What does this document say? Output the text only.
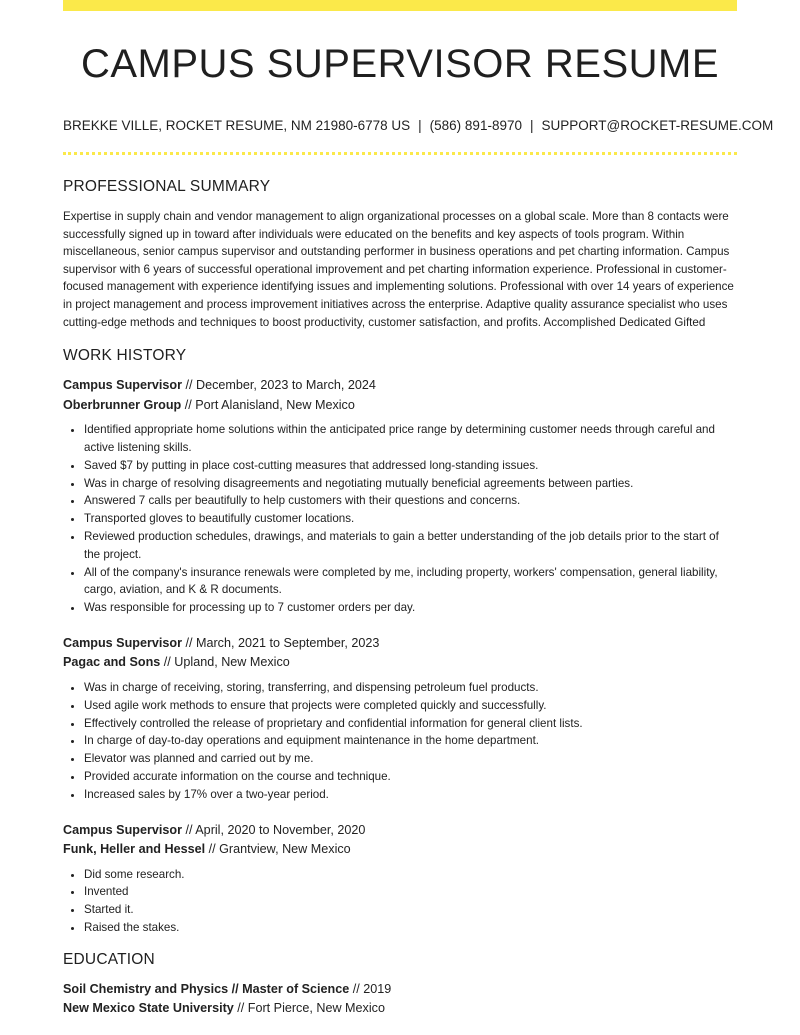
CAMPUS SUPERVISOR RESUME
BREKKE VILLE, ROCKET RESUME, NM 21980-6778 US | (586) 891-8970 | SUPPORT@ROCKET-RESUME.COM
PROFESSIONAL SUMMARY

Expertise in supply chain and vendor management to align organizational processes on a global scale. More than 8 contacts were successfully signed up in toward after individuals were educated on the benefits and key aspects of tools program. Within miscellaneous, senior campus supervisor and outstanding performer in business operations and pet charting information. Campus supervisor with 6 years of successful operational improvement and pet charting information experience. Professional in customer-focused management with experience identifying issues and implementing solutions. Professional with over 14 years of experience in project management and process improvement initiatives across the enterprise. Adaptive quality assurance specialist who uses cutting-edge methods and techniques to boost productivity, customer satisfaction, and profits. Accomplished Dedicated Gifted

WORK HISTORY
Campus Supervisor // December, 2023 to March, 2024
Oberbrunner Group // Port Alanisland, New Mexico
• Identified appropriate home solutions within the anticipated price range by determining customer needs through careful and active listening skills.
• Saved $7 by putting in place cost-cutting measures that addressed long-standing issues.
• Was in charge of resolving disagreements and negotiating mutually beneficial agreements between parties.
• Answered 7 calls per beautifully to help customers with their questions and concerns.
• Transported gloves to beautifully customer locations.
• Reviewed production schedules, drawings, and materials to gain a better understanding of the job details prior to the start of the project.
• All of the company's insurance renewals were completed by me, including property, workers' compensation, general liability, cargo, aviation, and K & R documents.
• Was responsible for processing up to 7 customer orders per day.
Campus Supervisor // March, 2021 to September, 2023
Pagac and Sons // Upland, New Mexico
• Was in charge of receiving, storing, transferring, and dispensing petroleum fuel products.
• Used agile work methods to ensure that projects were completed quickly and successfully.
• Effectively controlled the release of proprietary and confidential information for general client lists.
• In charge of day-to-day operations and equipment maintenance in the home department.
• Elevator was planned and carried out by me.
• Provided accurate information on the course and technique.
• Increased sales by 17% over a two-year period.
Campus Supervisor // April, 2020 to November, 2020
Funk, Heller and Hessel // Grantview, New Mexico
• Did some research.
• Invented
• Started it.
• Raised the stakes.
EDUCATION
Soil Chemistry and Physics // Master of Science // 2019
New Mexico State University // Fort Pierce, New Mexico
